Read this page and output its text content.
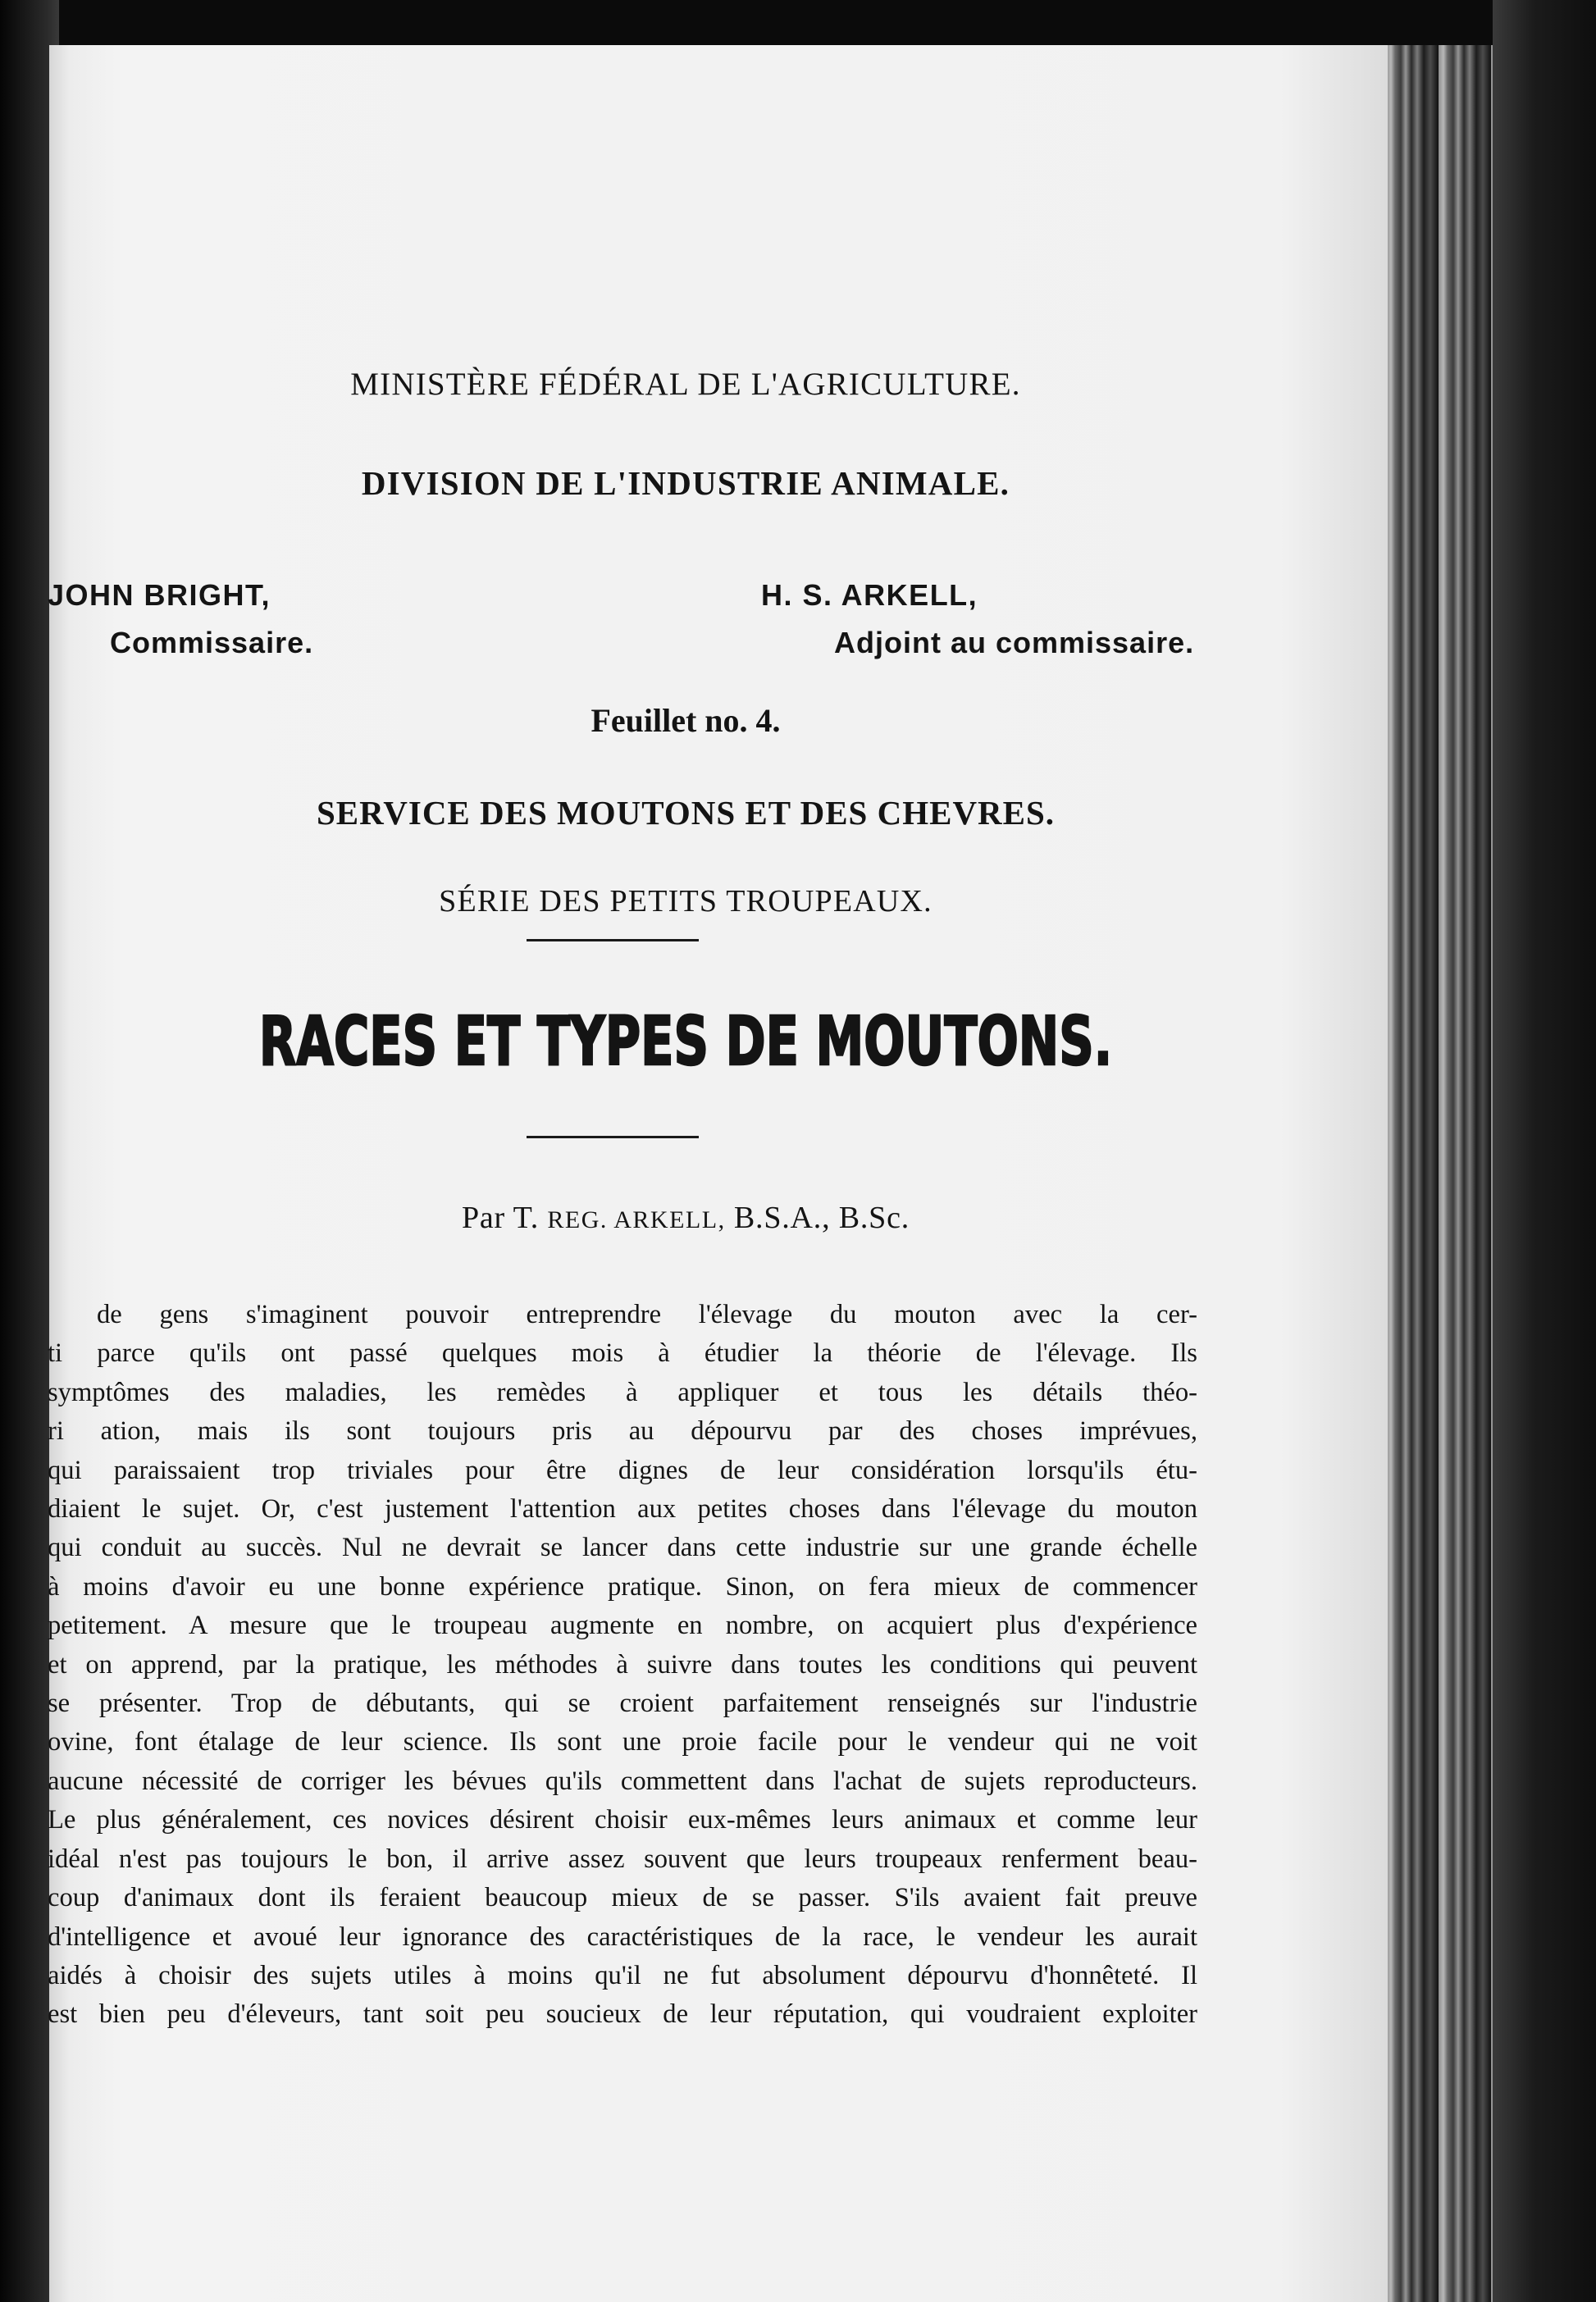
MINISTÈRE FÉDÉRAL DE L'AGRICULTURE.
DIVISION DE L'INDUSTRIE ANIMALE.
JOHN BRIGHT,
Commissaire.
H. S. ARKELL,
Adjoint au commissaire.
Feuillet no. 4.
SERVICE DES MOUTONS ET DES CHEVRES.
SÉRIE DES PETITS TROUPEAUX.
RACES ET TYPES DE MOUTONS.
Par T. REG. ARKELL, B.S.A., B.Sc.
de gens s'imaginent pouvoir entreprendre l'élevage du mouton avec la cer-
ti parce qu'ils ont passé quelques mois à étudier la théorie de l'élevage. Ils
symptômes des maladies, les remèdes à appliquer et tous les détails théo-
ri ation, mais ils sont toujours pris au dépourvu par des choses imprévues,
qui paraissaient trop triviales pour être dignes de leur considération lorsqu'ils étu-
diaient le sujet. Or, c'est justement l'attention aux petites choses dans l'élevage du mouton
qui conduit au succès. Nul ne devrait se lancer dans cette industrie sur une grande échelle
à moins d'avoir eu une bonne expérience pratique. Sinon, on fera mieux de commencer
petitement. A mesure que le troupeau augmente en nombre, on acquiert plus d'expérience
et on apprend, par la pratique, les méthodes à suivre dans toutes les conditions qui peuvent
se présenter. Trop de débutants, qui se croient parfaitement renseignés sur l'industrie
ovine, font étalage de leur science. Ils sont une proie facile pour le vendeur qui ne voit
aucune nécessité de corriger les bévues qu'ils commettent dans l'achat de sujets reproducteurs.
Le plus généralement, ces novices désirent choisir eux-mêmes leurs animaux et comme leur
idéal n'est pas toujours le bon, il arrive assez souvent que leurs troupeaux renferment beau-
coup d'animaux dont ils feraient beaucoup mieux de se passer. S'ils avaient fait preuve
d'intelligence et avoué leur ignorance des caractéristiques de la race, le vendeur les aurait
aidés à choisir des sujets utiles à moins qu'il ne fut absolument dépourvu d'honnêteté. Il
est bien peu d'éleveurs, tant soit peu soucieux de leur réputation, qui voudraient exploiter
